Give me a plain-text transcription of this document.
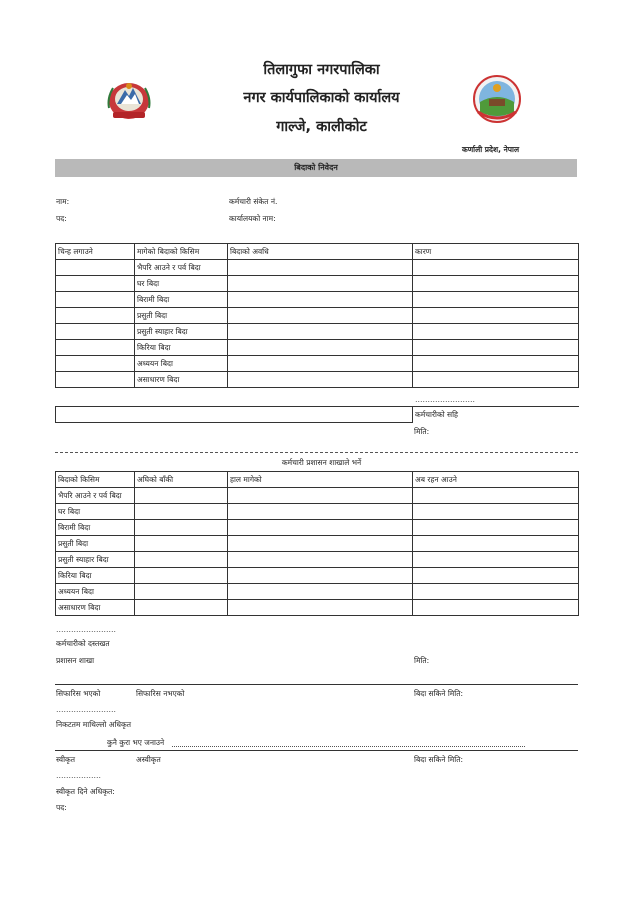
तिलागुफा नगरपालिका
नगर कार्यपालिकाको कार्यालय
गाल्जे, कालीकोट
कर्णाली प्रदेश, नेपाल
बिदाको निवेदन
नाम:
पद:
कर्मचारी संकेत नं.
कार्यालयको नाम:
चिन्ह लगाउने	मागेको बिदाको किसिम	बिदाको अवधि	कारण
	भैपरि आउने र पर्व बिदा		
	घर बिदा		
	बिरामी बिदा		
	प्रसुती बिदा		
	प्रसुती स्याहार बिदा		
	किरिया बिदा		
	अध्ययन बिदा		
	असाधारण बिदा		
……………………
	कर्मचारीको सहि
मिति:
कर्मचारी प्रशासन शाखाले भर्ने
बिदाको किसिम	अघिको बाँकी	हाल मागेको	अब रहन आउने
भैपरि आउने र पर्व बिदा			
घर बिदा			
बिरामी बिदा			
प्रसुती बिदा			
प्रसुती स्याहार बिदा			
किरिया बिदा			
अध्ययन बिदा			
असाधारण बिदा			
……………………
कर्मचारीको दस्तखत
प्रशासन शाखा	मिति:
सिफारिस भएको	सिफारिस नभएको	बिदा सकिने मिति:
……………………
निकटतम माथिल्लो अधिकृत
कुनै कुरा भए जनाउने
स्वीकृत	अस्वीकृत	बिदा सकिने मिति:
………………
स्वीकृत दिने अधिकृत:
पद:
